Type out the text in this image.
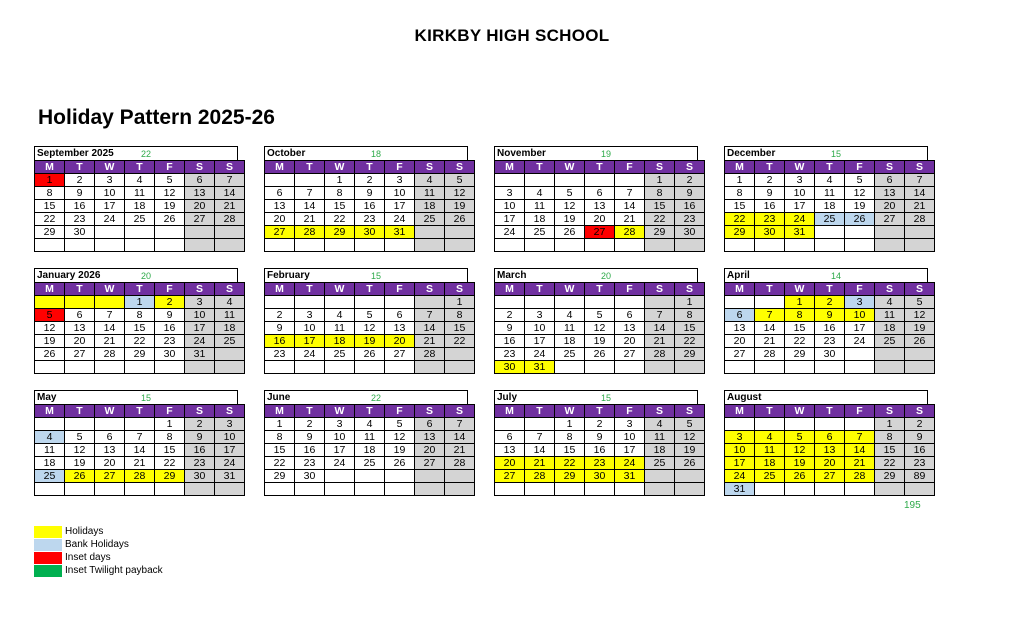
KIRKBY HIGH SCHOOL
Holiday Pattern 2025-26
September 2025	22
M	T	W	T	F	S	S
1	2	3	4	5	6	7
8	9	10	11	12	13	14
15	16	17	18	19	20	21
22	23	24	25	26	27	28
29	30					

October	18
M	T	W	T	F	S	S
		1	2	3	4	5
6	7	8	9	10	11	12
13	14	15	16	17	18	19
20	21	22	23	24	25	26
27	28	29	30	31		

November	19
M	T	W	T	F	S	S
					1	2
3	4	5	6	7	8	9
10	11	12	13	14	15	16
17	18	19	20	21	22	23
24	25	26	27	28	29	30

December	15
M	T	W	T	F	S	S
1	2	3	4	5	6	7
8	9	10	11	12	13	14
15	16	17	18	19	20	21
22	23	24	25	26	27	28
29	30	31				

January 2026	20
M	T	W	T	F	S	S
			1	2	3	4
5	6	7	8	9	10	11
12	13	14	15	16	17	18
19	20	21	22	23	24	25
26	27	28	29	30	31	

February	15
M	T	W	T	F	S	S
						1
2	3	4	5	6	7	8
9	10	11	12	13	14	15
16	17	18	19	20	21	22
23	24	25	26	27	28	

March	20
M	T	W	T	F	S	S
						1
2	3	4	5	6	7	8
9	10	11	12	13	14	15
16	17	18	19	20	21	22
23	24	25	26	27	28	29
30	31					
April	14
M	T	W	T	F	S	S
		1	2	3	4	5
6	7	8	9	10	11	12
13	14	15	16	17	18	19
20	21	22	23	24	25	26
27	28	29	30			

May	15
M	T	W	T	F	S	S
				1	2	3
4	5	6	7	8	9	10
11	12	13	14	15	16	17
18	19	20	21	22	23	24
25	26	27	28	29	30	31

June	22
M	T	W	T	F	S	S
1	2	3	4	5	6	7
8	9	10	11	12	13	14
15	16	17	18	19	20	21
22	23	24	25	26	27	28
29	30					

July	15
M	T	W	T	F	S	S
		1	2	3	4	5
6	7	8	9	10	11	12
13	14	15	16	17	18	19
20	21	22	23	24	25	26
27	28	29	30	31		

August
M	T	W	T	F	S	S
					1	2
3	4	5	6	7	8	9
10	11	12	13	14	15	16
17	18	19	20	21	22	23
24	25	26	27	28	29	89
31						
195
Holidays
Bank Holidays
Inset days
Inset Twilight payback
